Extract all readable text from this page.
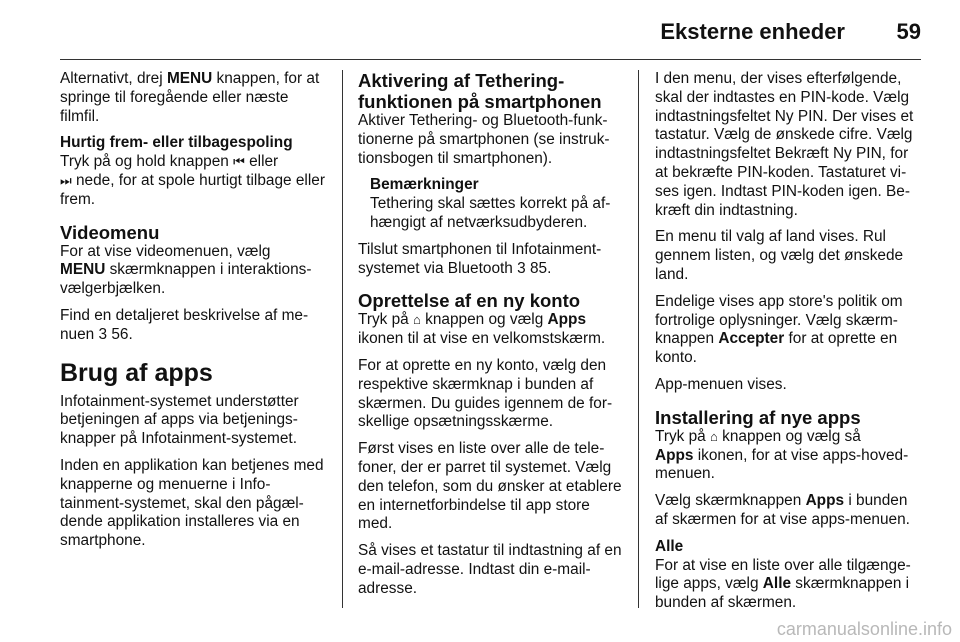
Eksterne enheder 59

Alternativt, drej MENU knappen, for at springe til foregående eller næste filmfil.

Hurtig frem- eller tilbagespoling

Tryk på og hold knappen ⏮ eller
⏭ nede, for at spole hurtigt tilbage eller frem.

Videomenu

For at vise videomenuen, vælg
MENU skærmknappen i interaktionsvælgerbjælken.

Find en detaljeret beskrivelse af menuen 3 56.

Brug af apps

Infotainment-systemet understøtter betjeningen af apps via betjeningsknapper på Infotainment-systemet.

Inden en applikation kan betjenes med knapperne og menuerne i Infotainment-systemet, skal den pågældende applikation installeres via en smartphone.

Aktivering af Tethering-funktionen på smartphonen

Aktiver Tethering- og Bluetooth-funktionerne på smartphonen (se instruktionsbogen til smartphonen).

Bemærkninger
Tethering skal sættes korrekt på afhængigt af netværksudbyderen.

Tilslut smartphonen til Infotainment-systemet via Bluetooth 3 85.

Oprettelse af en ny konto

Tryk på ⌂ knappen og vælg Apps ikonen til at vise en velkomstskærm.

For at oprette en ny konto, vælg den respektive skærmknap i bunden af skærmen. Du guides igennem de forskellige opsætningsskærme.

Først vises en liste over alle de telefoner, der er parret til systemet. Vælg den telefon, som du ønsker at etablere en internetforbindelse til app store med.

Så vises et tastatur til indtastning af en e-mail-adresse. Indtast din e-mail-adresse.

I den menu, der vises efterfølgende, skal der indtastes en PIN-kode. Vælg indtastningsfeltet Ny PIN. Der vises et tastatur. Vælg de ønskede cifre. Vælg indtastningsfeltet Bekræft Ny PIN, for at bekræfte PIN-koden. Tastaturet vises igen. Indtast PIN-koden igen. Bekræft din indtastning.

En menu til valg af land vises. Rul gennem listen, og vælg det ønskede land.

Endelige vises app store's politik om fortrolige oplysninger. Vælg skærmknappen Accepter for at oprette en konto.

App-menuen vises.

Installering af nye apps

Tryk på ⌂ knappen og vælg så
Apps ikonen, for at vise apps-hovedmenuen.

Vælg skærmknappen Apps i bunden af skærmen for at vise apps-menuen.

Alle

For at vise en liste over alle tilgængelige apps, vælg Alle skærmknappen i bunden af skærmen.

carmanualsonline.info
